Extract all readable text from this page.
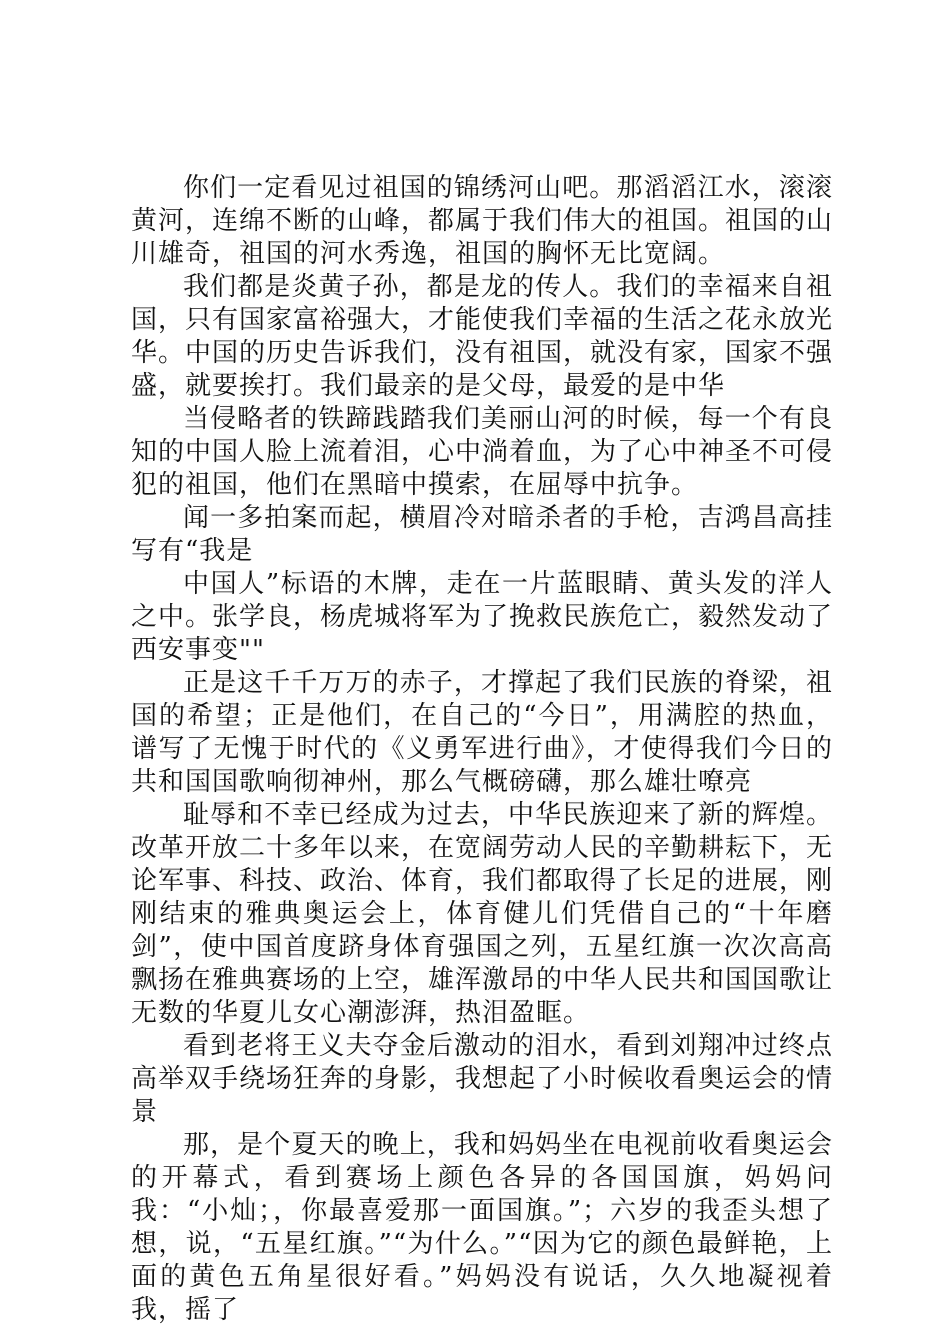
你们一定看见过祖国的锦绣河山吧。那滔滔江水，滚滚黄河，连绵不断的山峰，都属于我们伟大的祖国。祖国的山川雄奇，祖国的河水秀逸，祖国的胸怀无比宽阔。

我们都是炎黄子孙，都是龙的传人。我们的幸福来自祖国，只有国家富裕强大，才能使我们幸福的生活之花永放光华。中国的历史告诉我们，没有祖国，就没有家，国家不强盛，就要挨打。我们最亲的是父母，最爱的是中华

当侵略者的铁蹄践踏我们美丽山河的时候，每一个有良知的中国人脸上流着泪，心中淌着血，为了心中神圣不可侵犯的祖国，他们在黑暗中摸索，在屈辱中抗争。

闻一多拍案而起，横眉冷对暗杀者的手枪，吉鸿昌高挂写有“我是

中国人”标语的木牌，走在一片蓝眼睛、黄头发的洋人之中。张学良，杨虎城将军为了挽救民族危亡，毅然发动了西安事变""

正是这千千万万的赤子，才撑起了我们民族的脊梁，祖国的希望；正是他们，在自己的“今日”，用满腔的热血，谱写了无愧于时代的《义勇军进行曲》，才使得我们今日的共和国国歌响彻神州，那么气概磅礴，那么雄壮嘹亮

耻辱和不幸已经成为过去，中华民族迎来了新的辉煌。改革开放二十多年以来，在宽阔劳动人民的辛勤耕耘下，无论军事、科技、政治、体育，我们都取得了长足的进展，刚刚结束的雅典奥运会上，体育健儿们凭借自己的“十年磨剑”，使中国首度跻身体育强国之列，五星红旗一次次高高飘扬在雅典赛场的上空，雄浑激昂的中华人民共和国国歌让无数的华夏儿女心潮澎湃，热泪盈眶。

看到老将王义夫夺金后激动的泪水，看到刘翔冲过终点高举双手绕场狂奔的身影，我想起了小时候收看奥运会的情景

那，是个夏天的晚上，我和妈妈坐在电视前收看奥运会的开幕式，看到赛场上颜色各异的各国国旗，妈妈问我：“小灿；，你最喜爱那一面国旗。”；六岁的我歪头想了想，说，“五星红旗。”“为什么。”“因为它的颜色最鲜艳，上面的黄色五角星很好看。”妈妈没有说话，久久地凝视着我，摇了
